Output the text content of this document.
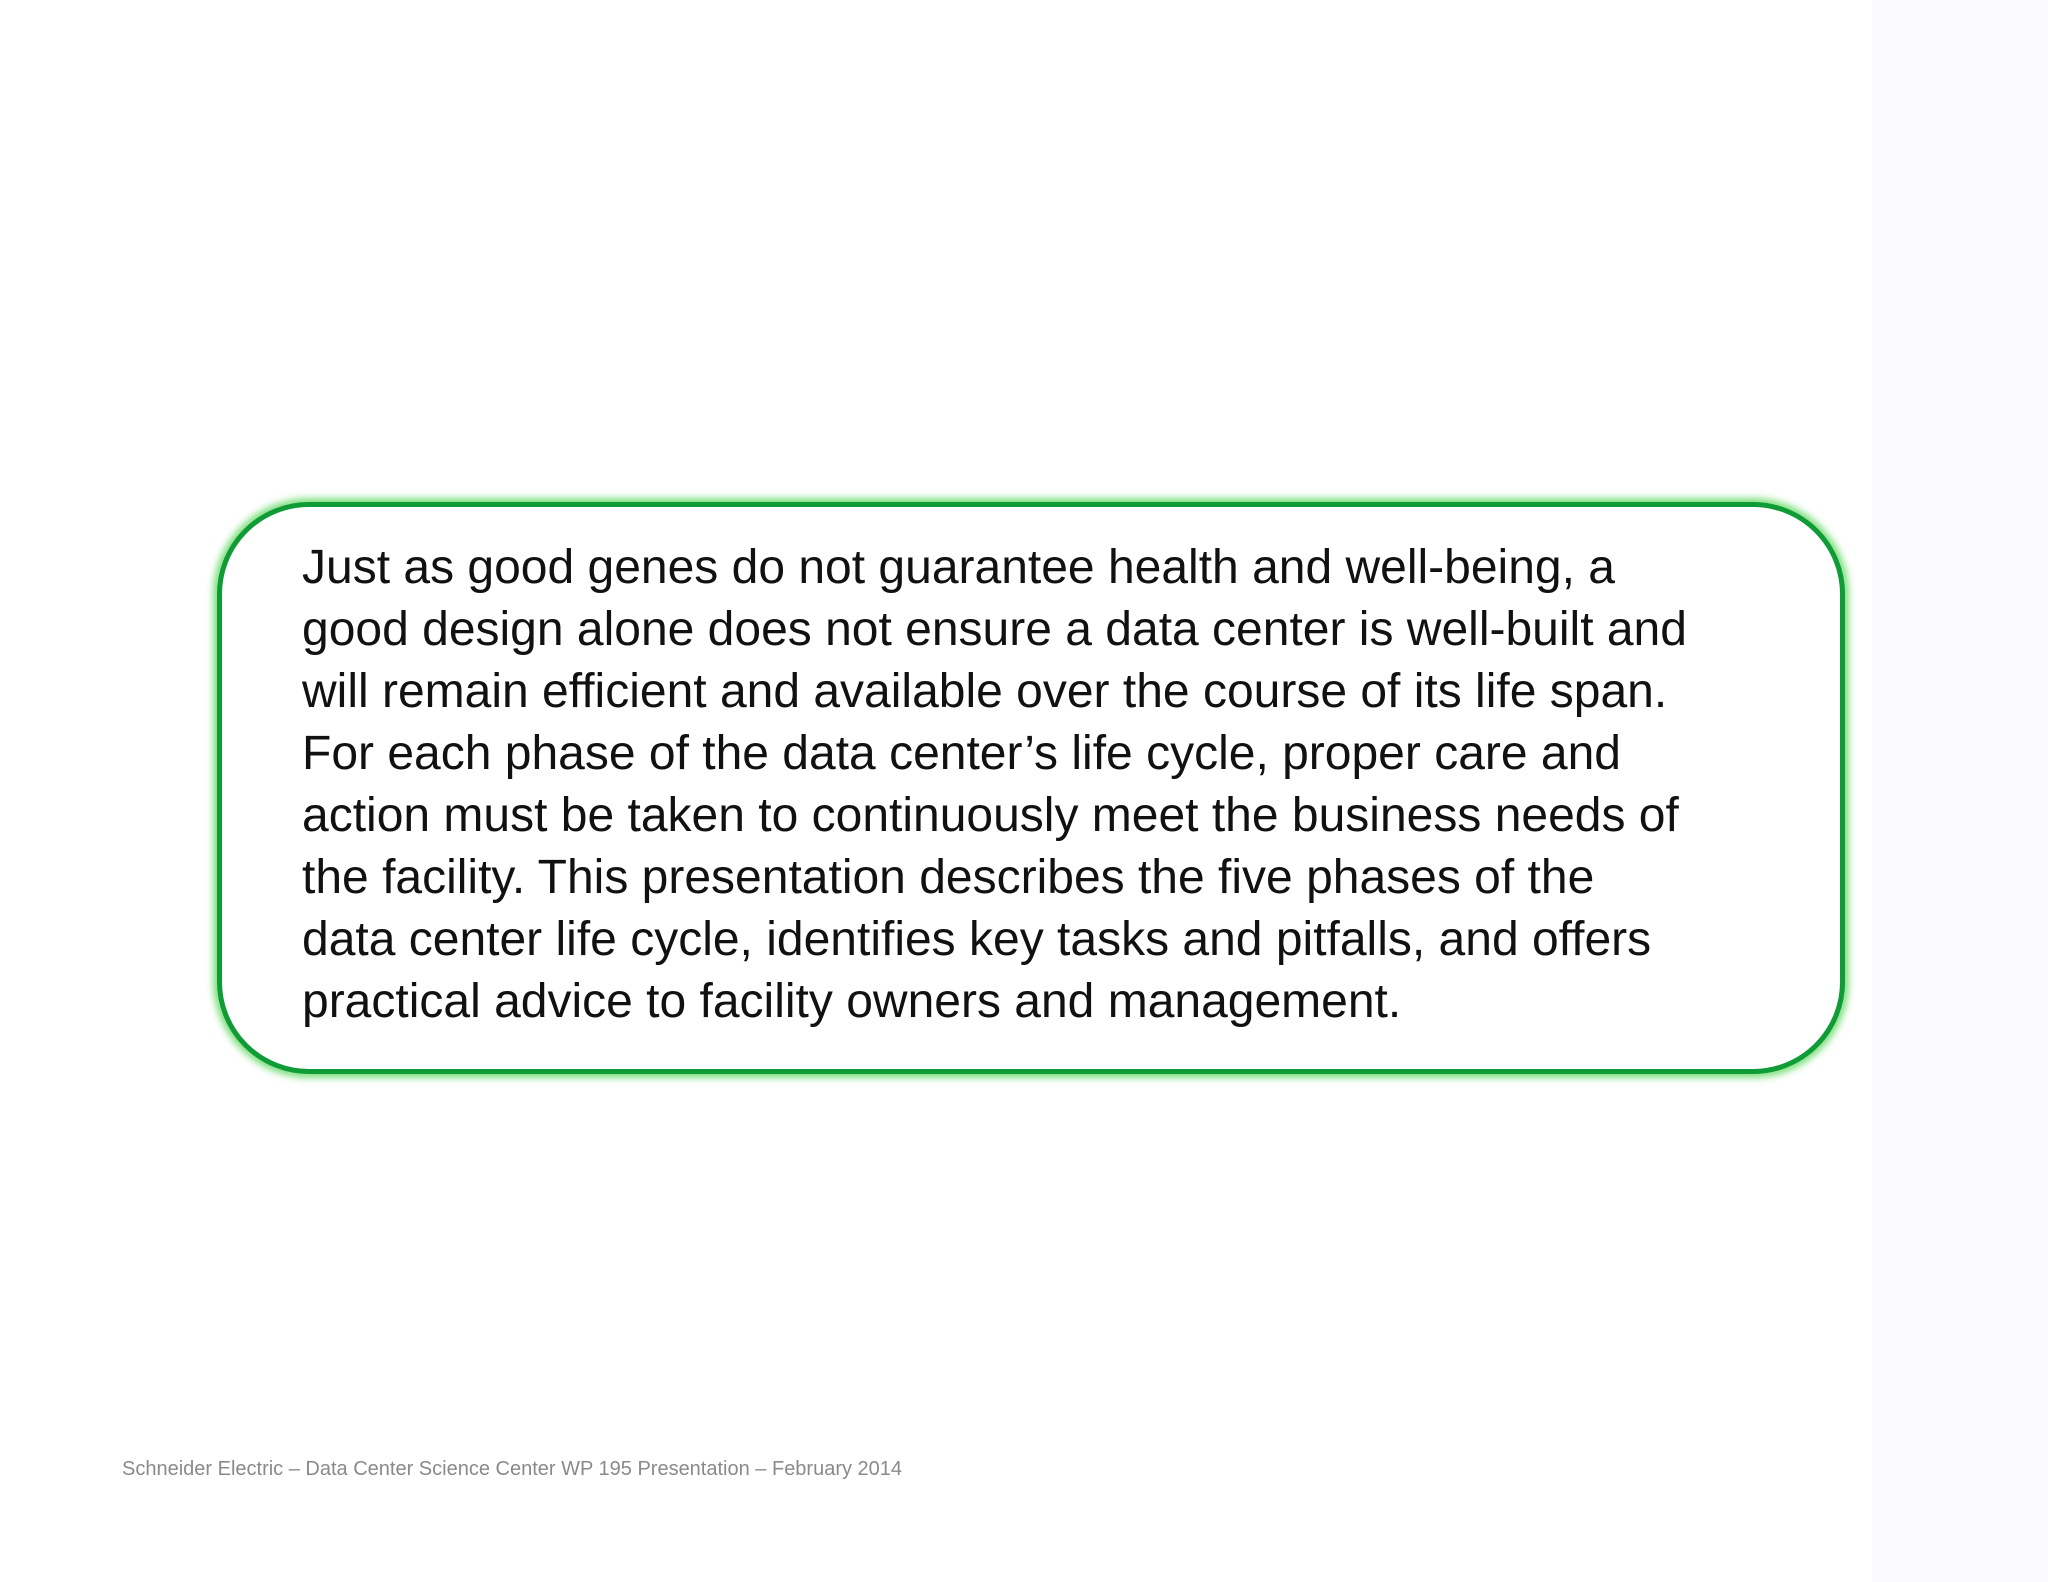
Just as good genes do not guarantee health and well-being, a
good design alone does not ensure a data center is well-built and
will remain efficient and available over the course of its life span.
For each phase of the data center’s life cycle, proper care and
action must be taken to continuously meet the business needs of
the facility. This presentation describes the five phases of the
data center life cycle, identifies key tasks and pitfalls, and offers
practical advice to facility owners and management.

Schneider Electric – Data Center Science Center WP 195 Presentation – February 2014
